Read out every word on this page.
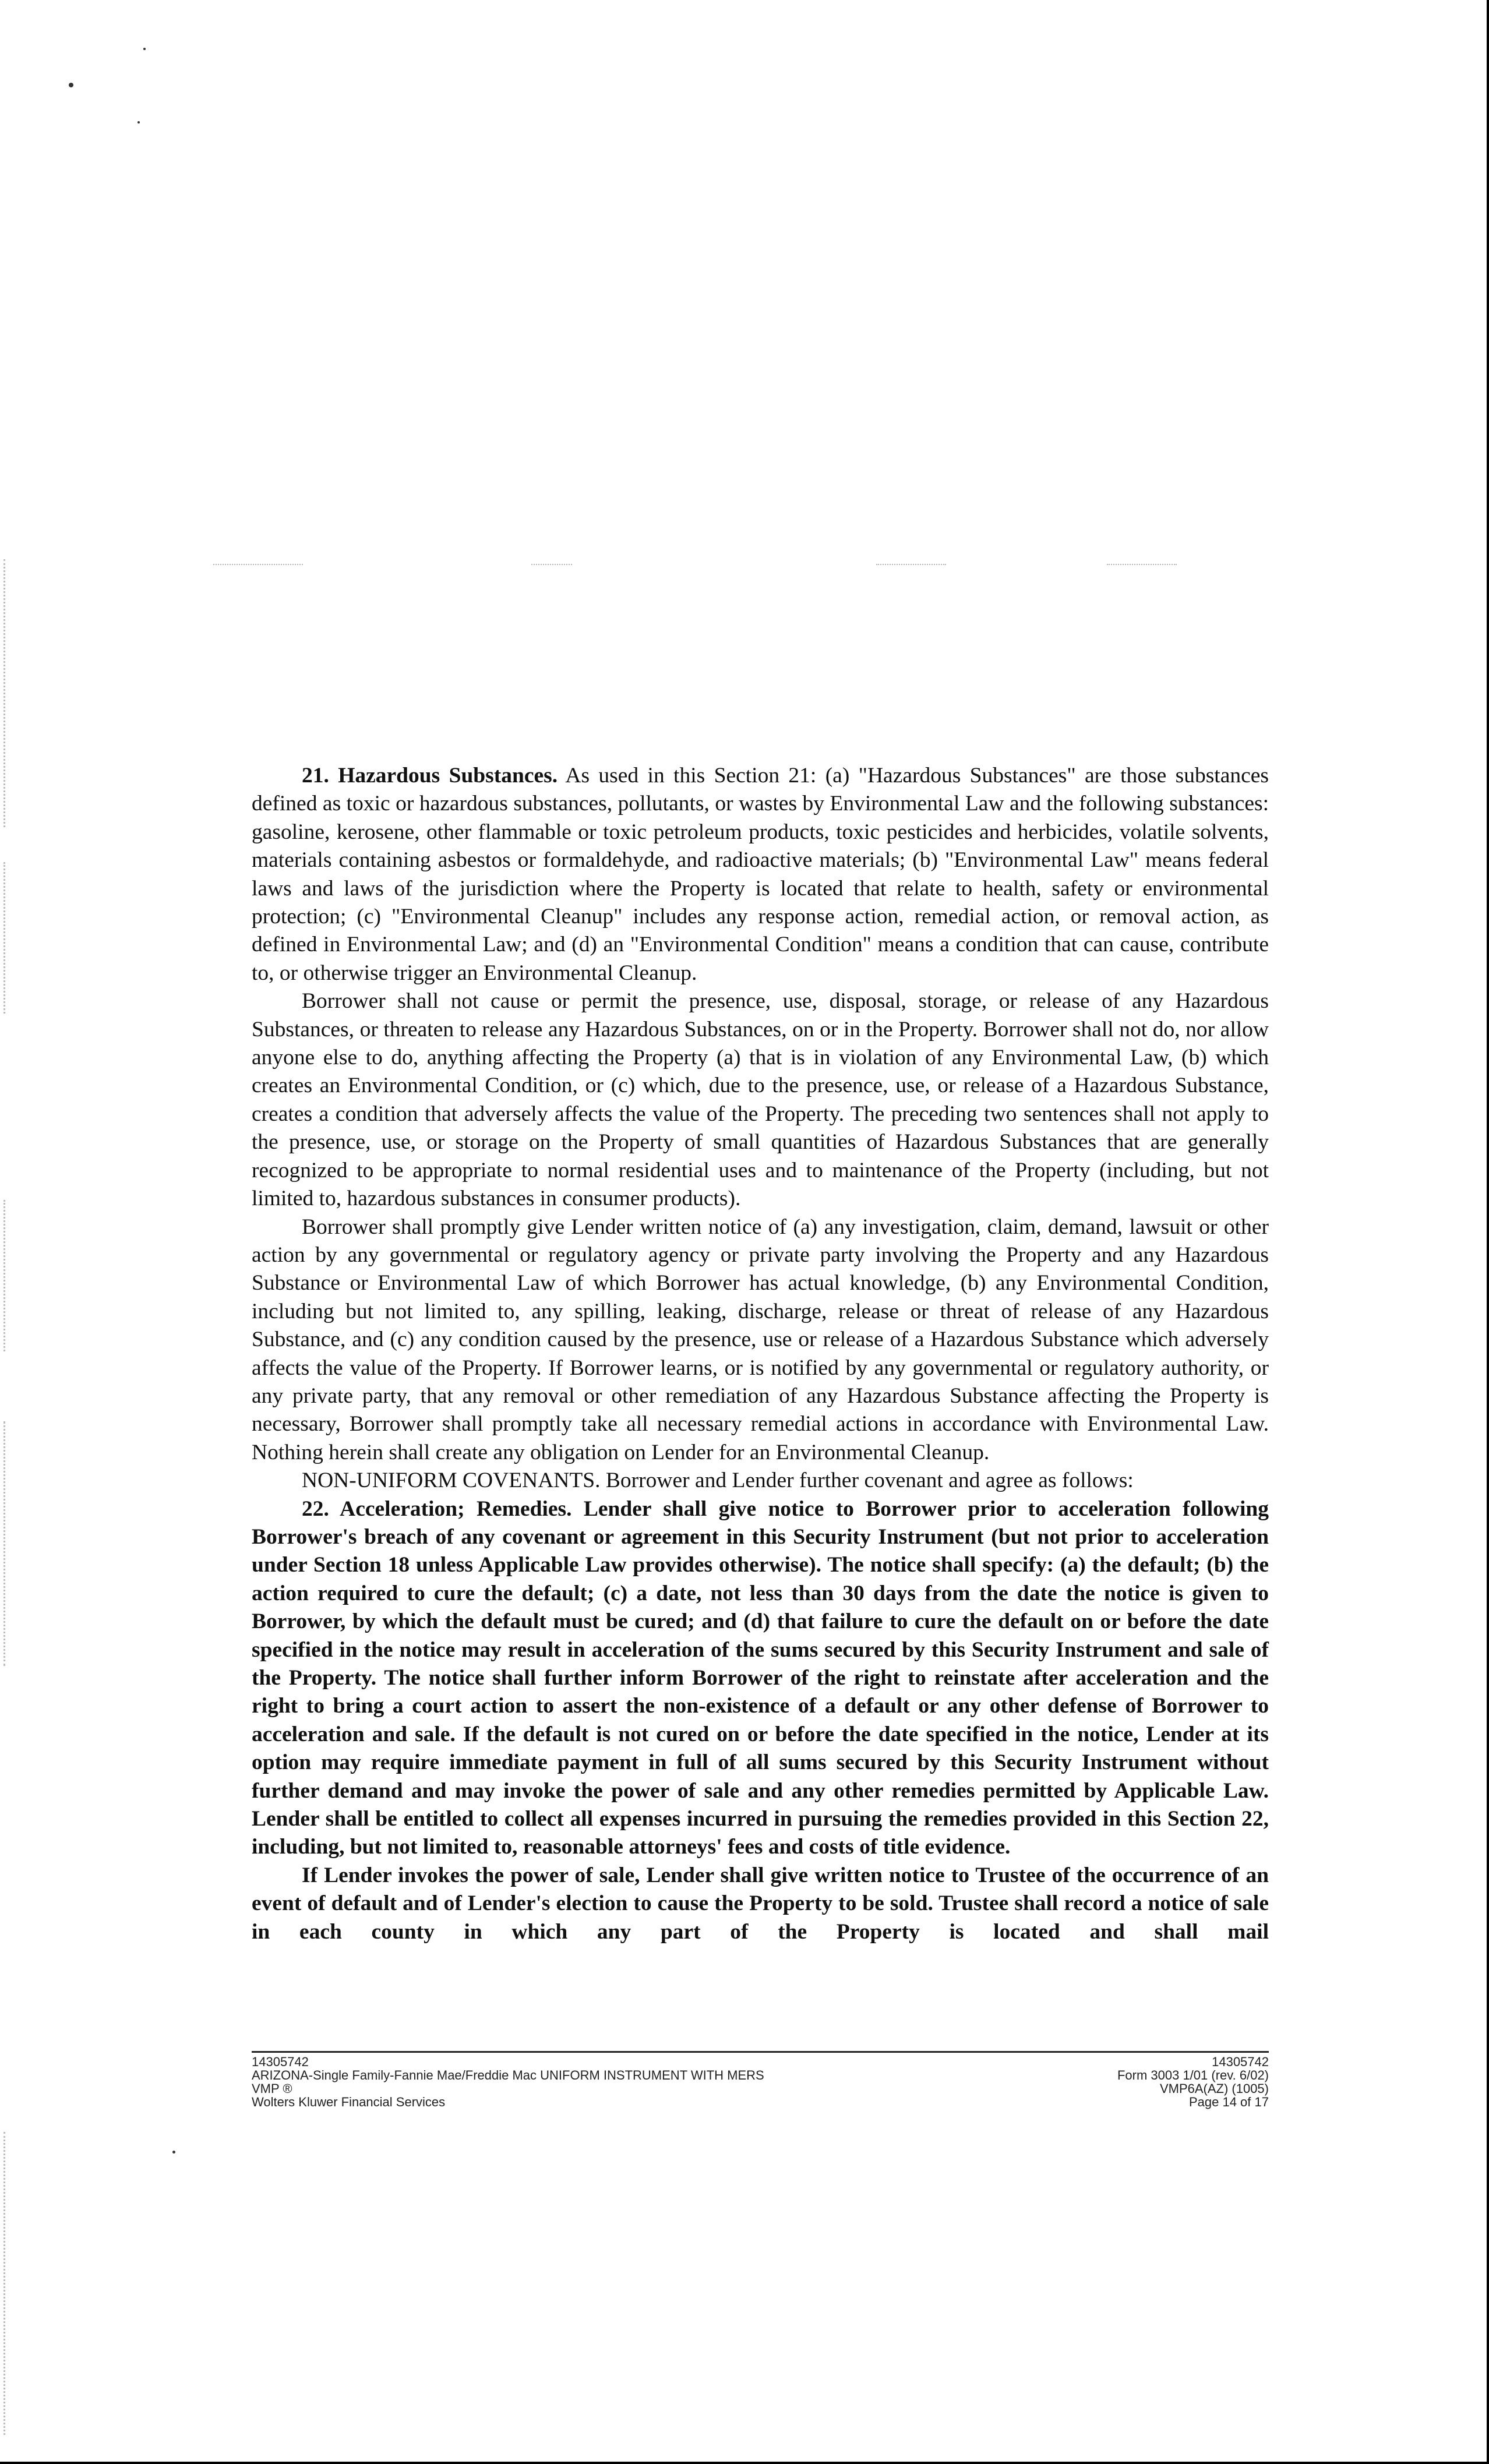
21. Hazardous Substances. As used in this Section 21: (a) "Hazardous Substances" are those substances defined as toxic or hazardous substances, pollutants, or wastes by Environmental Law and the following substances: gasoline, kerosene, other flammable or toxic petroleum products, toxic pesticides and herbicides, volatile solvents, materials containing asbestos or formaldehyde, and radioactive materials; (b) "Environmental Law" means federal laws and laws of the jurisdiction where the Property is located that relate to health, safety or environmental protection; (c) "Environmental Cleanup" includes any response action, remedial action, or removal action, as defined in Environmental Law; and (d) an "Environmental Condition" means a condition that can cause, contribute to, or otherwise trigger an Environmental Cleanup.

Borrower shall not cause or permit the presence, use, disposal, storage, or release of any Hazardous Substances, or threaten to release any Hazardous Substances, on or in the Property. Borrower shall not do, nor allow anyone else to do, anything affecting the Property (a) that is in violation of any Environmental Law, (b) which creates an Environmental Condition, or (c) which, due to the presence, use, or release of a Hazardous Substance, creates a condition that adversely affects the value of the Property. The preceding two sentences shall not apply to the presence, use, or storage on the Property of small quantities of Hazardous Substances that are generally recognized to be appropriate to normal residential uses and to maintenance of the Property (including, but not limited to, hazardous substances in consumer products).

Borrower shall promptly give Lender written notice of (a) any investigation, claim, demand, lawsuit or other action by any governmental or regulatory agency or private party involving the Property and any Hazardous Substance or Environmental Law of which Borrower has actual knowledge, (b) any Environmental Condition, including but not limited to, any spilling, leaking, discharge, release or threat of release of any Hazardous Substance, and (c) any condition caused by the presence, use or release of a Hazardous Substance which adversely affects the value of the Property. If Borrower learns, or is notified by any governmental or regulatory authority, or any private party, that any removal or other remediation of any Hazardous Substance affecting the Property is necessary, Borrower shall promptly take all necessary remedial actions in accordance with Environmental Law. Nothing herein shall create any obligation on Lender for an Environmental Cleanup.

NON-UNIFORM COVENANTS. Borrower and Lender further covenant and agree as follows:

22. Acceleration; Remedies. Lender shall give notice to Borrower prior to acceleration following Borrower's breach of any covenant or agreement in this Security Instrument (but not prior to acceleration under Section 18 unless Applicable Law provides otherwise). The notice shall specify: (a) the default; (b) the action required to cure the default; (c) a date, not less than 30 days from the date the notice is given to Borrower, by which the default must be cured; and (d) that failure to cure the default on or before the date specified in the notice may result in acceleration of the sums secured by this Security Instrument and sale of the Property. The notice shall further inform Borrower of the right to reinstate after acceleration and the right to bring a court action to assert the non-existence of a default or any other defense of Borrower to acceleration and sale. If the default is not cured on or before the date specified in the notice, Lender at its option may require immediate payment in full of all sums secured by this Security Instrument without further demand and may invoke the power of sale and any other remedies permitted by Applicable Law. Lender shall be entitled to collect all expenses incurred in pursuing the remedies provided in this Section 22, including, but not limited to, reasonable attorneys' fees and costs of title evidence.

If Lender invokes the power of sale, Lender shall give written notice to Trustee of the occurrence of an event of default and of Lender's election to cause the Property to be sold. Trustee shall record a notice of sale in each county in which any part of the Property is located and shall mail

14305742
ARIZONA-Single Family-Fannie Mae/Freddie Mac UNIFORM INSTRUMENT WITH MERS
VMP ®
Wolters Kluwer Financial Services
14305742
Form 3003 1/01 (rev. 6/02)
VMP6A(AZ) (1005)
Page 14 of 17
